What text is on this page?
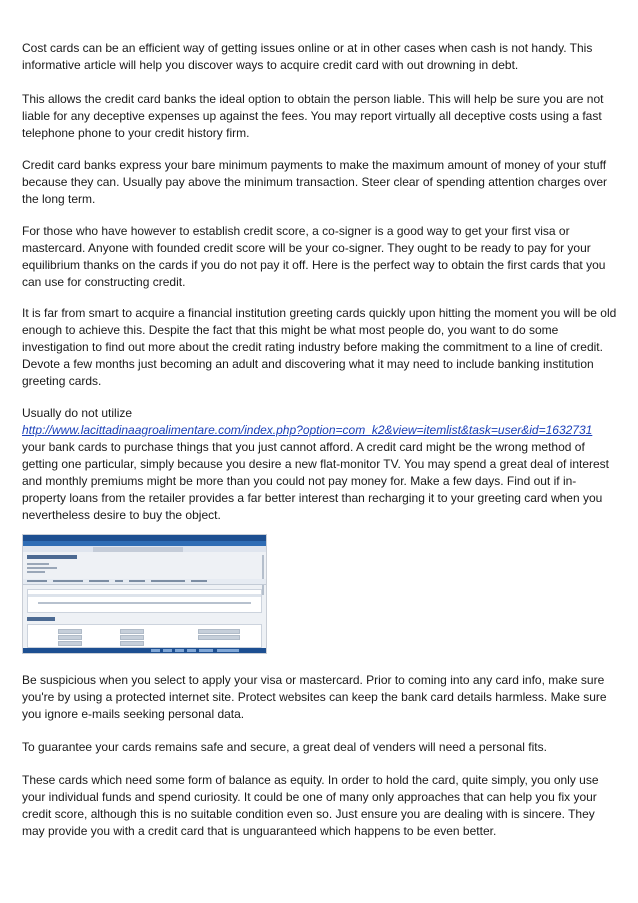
Cost cards can be an efficient way of getting issues online or at in other cases when cash is not handy. This informative article will help you discover ways to acquire credit card with out drowning in debt.

This allows the credit card banks the ideal option to obtain the person liable. This will help be sure you are not liable for any deceptive expenses up against the fees. You may report virtually all deceptive costs using a fast telephone phone to your credit history firm.

Credit card banks express your bare minimum payments to make the maximum amount of money of your stuff because they can. Usually pay above the minimum transaction. Steer clear of spending attention charges over the long term.

For those who have however to establish credit score, a co-signer is a good way to get your first visa or mastercard. Anyone with founded credit score will be your co-signer. They ought to be ready to pay for your equilibrium thanks on the cards if you do not pay it off. Here is the perfect way to obtain the first cards that you can use for constructing credit.

It is far from smart to acquire a financial institution greeting cards quickly upon hitting the moment you will be old enough to achieve this. Despite the fact that this might be what most people do, you want to do some investigation to find out more about the credit rating industry before making the commitment to a line of credit. Devote a few months just becoming an adult and discovering what it may need to include banking institution greeting cards.

Usually do not utilize
http://www.lacittadinaagroalimentare.com/index.php?option=com_k2&view=itemlist&task=user&id=1632731 your bank cards to purchase things that you just cannot afford. A credit card might be the wrong method of getting one particular, simply because you desire a new flat-monitor TV. You may spend a great deal of interest and monthly premiums might be more than you could not pay money for. Make a few days. Find out if in-property loans from the retailer provides a far better interest than recharging it to your greeting card when you nevertheless desire to buy the object.

Be suspicious when you select to apply your visa or mastercard. Prior to coming into any card info, make sure you're by using a protected internet site. Protect websites can keep the bank card details harmless. Make sure you ignore e-mails seeking personal data.

To guarantee your cards remains safe and secure, a great deal of venders will need a personal fits.

These cards which need some form of balance as equity. In order to hold the card, quite simply, you only use your individual funds and spend curiosity. It could be one of many only approaches that can help you fix your credit score, although this is no suitable condition even so. Just ensure you are dealing with is sincere. They may provide you with a credit card that is unguaranteed which happens to be even better.
